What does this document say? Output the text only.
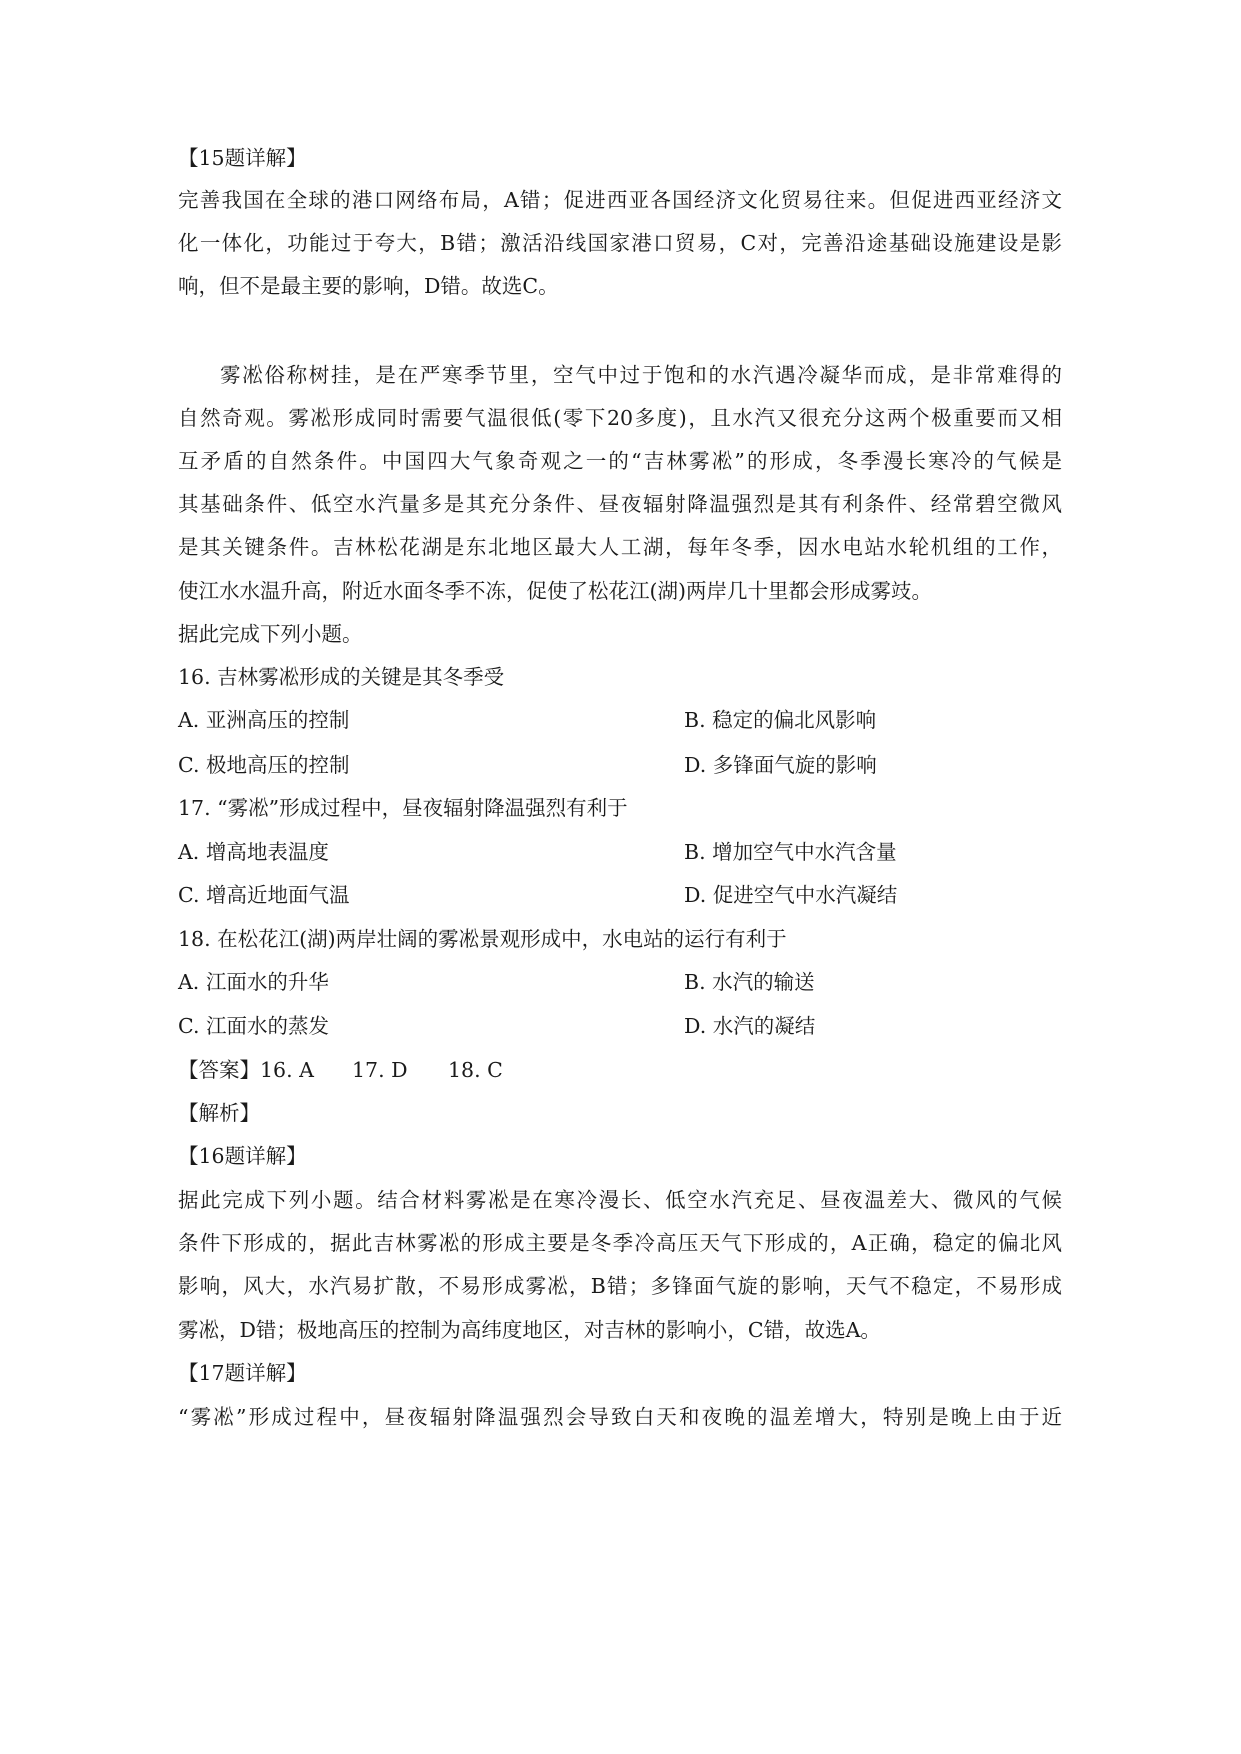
【15题详解】
完善我国在全球的港口网络布局，A错；促进西亚各国经济文化贸易往来。但促进西亚经济文
化一体化，功能过于夸大，B错；激活沿线国家港口贸易，C对，完善沿途基础设施建设是影
响，但不是最主要的影响，D错。故选C。
雾凇俗称树挂，是在严寒季节里，空气中过于饱和的水汽遇冷凝华而成，是非常难得的
自然奇观。雾凇形成同时需要气温很低(零下20多度)，且水汽又很充分这两个极重要而又相
互矛盾的自然条件。中国四大气象奇观之一的“吉林雾凇”的形成，冬季漫长寒冷的气候是
其基础条件、低空水汽量多是其充分条件、昼夜辐射降温强烈是其有利条件、经常碧空微风
是其关键条件。吉林松花湖是东北地区最大人工湖，每年冬季，因水电站水轮机组的工作，
使江水水温升高，附近水面冬季不冻，促使了松花江(湖)两岸几十里都会形成雾攱。
据此完成下列小题。
16. 吉林雾凇形成的关键是其冬季受
A. 亚洲高压的控制	B. 稳定的偏北风影响
C. 极地高压的控制	D. 多锋面气旋的影响
17. “雾凇”形成过程中，昼夜辐射降温强烈有利于
A. 增高地表温度	B. 增加空气中水汽含量
C. 增高近地面气温	D. 促进空气中水汽凝结
18. 在松花江(湖)两岸壮阔的雾凇景观形成中，水电站的运行有利于
A. 江面水的升华	B. 水汽的输送
C. 江面水的蒸发	D. 水汽的凝结
【答案】16. A 17. D 18. C
【解析】
【16题详解】
据此完成下列小题。结合材料雾凇是在寒冷漫长、低空水汽充足、昼夜温差大、微风的气候
条件下形成的，据此吉林雾凇的形成主要是冬季冷高压天气下形成的，A正确，稳定的偏北风
影响，风大，水汽易扩散，不易形成雾凇，B错；多锋面气旋的影响，天气不稳定，不易形成
雾凇，D错；极地高压的控制为高纬度地区，对吉林的影响小，C错，故选A。
【17题详解】
“雾凇”形成过程中，昼夜辐射降温强烈会导致白天和夜晚的温差增大，特别是晚上由于近
